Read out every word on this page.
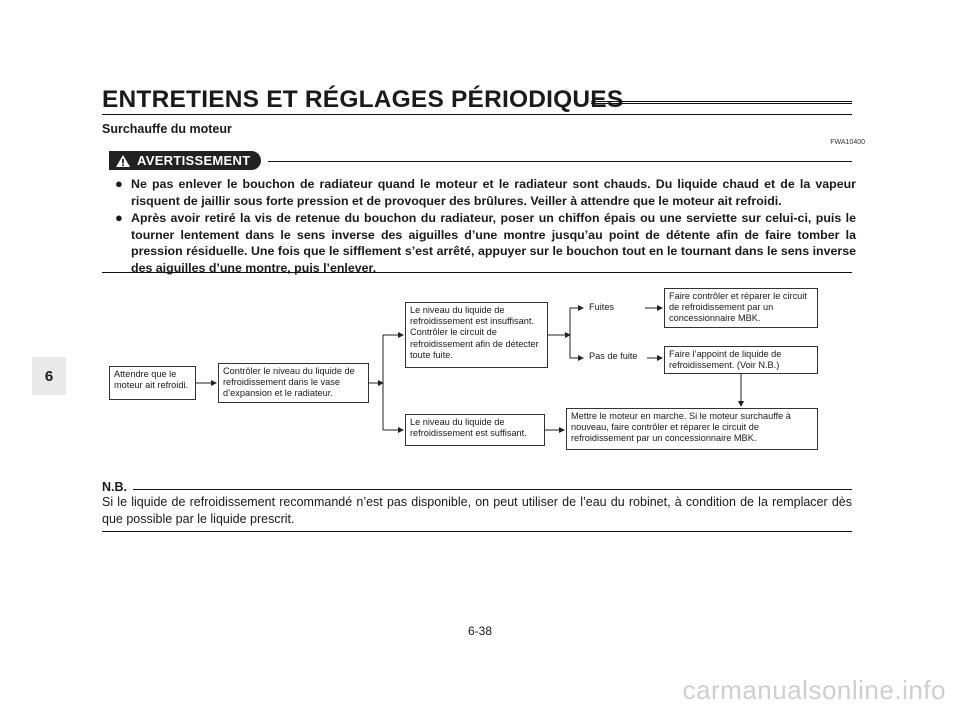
ENTRETIENS ET RÉGLAGES PÉRIODIQUES
Surchauffe du moteur
FWA10400
AVERTISSEMENT
● Ne pas enlever le bouchon de radiateur quand le moteur et le radiateur sont chauds. Du liquide chaud et de la vapeur risquent de jaillir sous forte pression et de provoquer des brûlures. Veiller à attendre que le moteur ait refroidi.
● Après avoir retiré la vis de retenue du bouchon du radiateur, poser un chiffon épais ou une serviette sur celui-ci, puis le tourner lentement dans le sens inverse des aiguilles d’une montre jusqu’au point de détente afin de faire tomber la pression résiduelle. Une fois que le sifflement s’est arrêté, appuyer sur le bouchon tout en le tournant dans le sens inverse des aiguilles d’une montre, puis l’enlever.
6	Attendre que le moteur ait refroidi.
Contrôler le niveau du liquide de refroidissement dans le vase d’expansion et le radiateur.
Le niveau du liquide de refroidissement est insuffisant. Contrôler le circuit de refroidissement afin de détecter toute fuite.
Le niveau du liquide de refroidissement est suffisant.
Fuites
Pas de fuite
Faire contrôler et réparer le circuit de refroidissement par un concessionnaire MBK.
Faire l’appoint de liquide de refroidissement. (Voir N.B.)
Mettre le moteur en marche. Si le moteur surchauffe à nouveau, faire contrôler et réparer le circuit de refroidissement par un concessionnaire MBK.
N.B.
Si le liquide de refroidissement recommandé n’est pas disponible, on peut utiliser de l’eau du robinet, à condition de la remplacer dès que possible par le liquide prescrit.
6-38
carmanualsonline.info
